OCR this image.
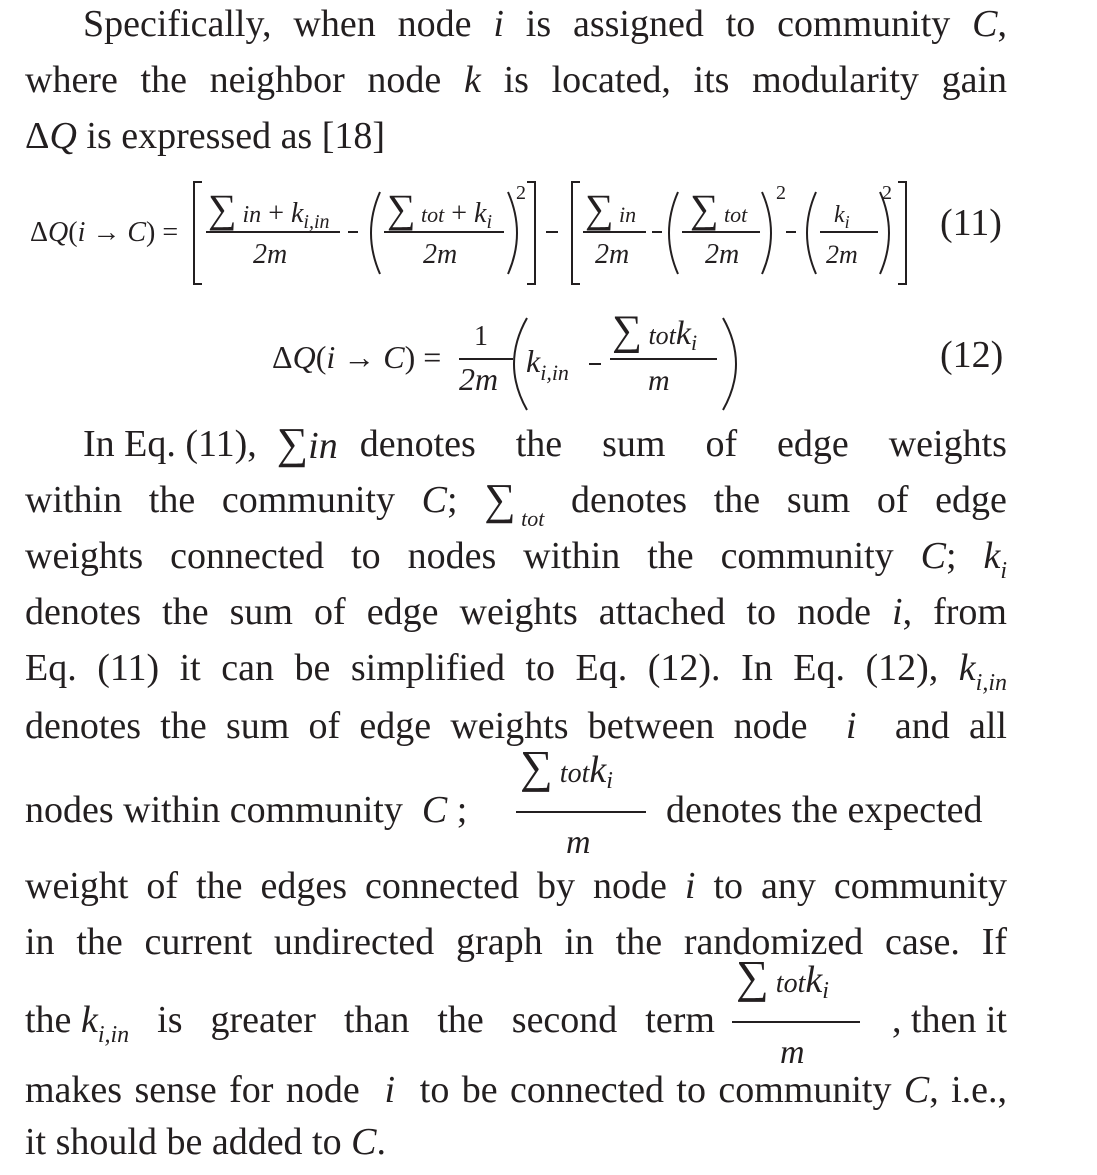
Specifically, when node i is assigned to community C,
where the neighbor node k is located, its modularity gain
ΔQ is expressed as [18]
ΔQ(i → C) =
∑ in + $k_{i,in}$
2m
∑ tot + $k_i$
2m
2 ∑ in
2m
∑ tot
2m
2
$k_i$
2m
2
(11)
ΔQ(i → C) =
1
2m $k_{i,in}$
∑ totk$_i$
m
(12)
In Eq. (11), ∑in denotes the sum of edge weights
within the community C; ∑ $_{tot}$ denotes the sum of edge
weights connected to nodes within the community C; $k_i$
denotes the sum of edge weights attached to node i, from
Eq. (11) it can be simplified to Eq. (12). In Eq. (12), $k_{i,in}$
denotes the sum of edge weights between node  i  and all
nodes within community  C ;
∑ totki
m
denotes the expected
weight of the edges connected by node i to any community
in the current undirected graph in the randomized case. If
the $k_{i,in}$ is greater than the second term
∑ totki
m
, then it
makes sense for node  i  to be connected to community C, i.e.,
it should be added to C.
